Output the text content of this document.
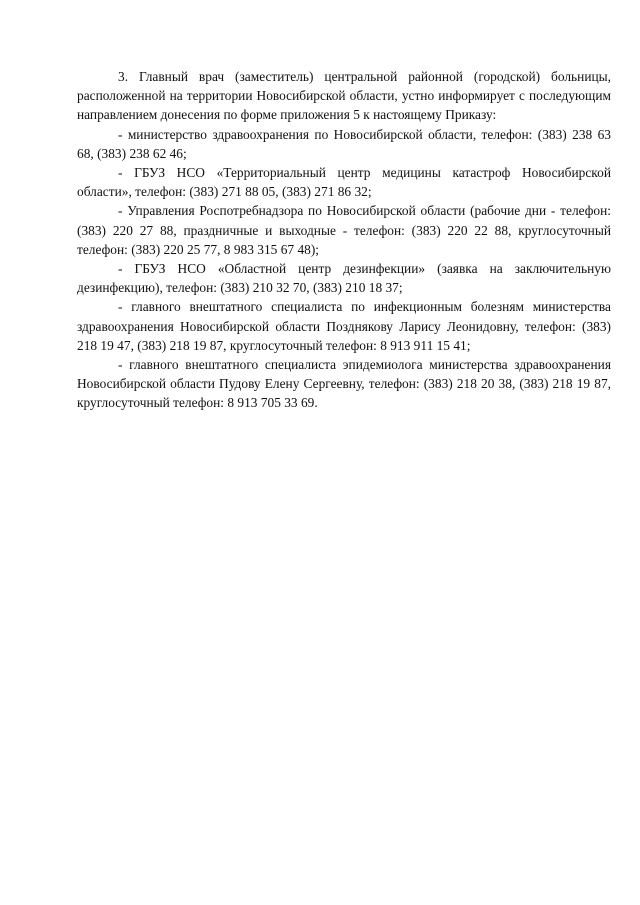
3. Главный врач (заместитель) центральной районной (городской) больницы, расположенной на территории Новосибирской области, устно информирует с последующим направлением донесения по форме приложения 5 к настоящему Приказу:

- министерство здравоохранения по Новосибирской области, телефон: (383) 238 63 68, (383) 238 62 46;

- ГБУЗ НСО «Территориальный центр медицины катастроф Новосибирской области», телефон: (383) 271 88 05, (383) 271 86 32;

- Управления Роспотребнадзора по Новосибирской области (рабочие дни - телефон: (383) 220 27 88, праздничные и выходные - телефон: (383) 220 22 88, круглосуточный телефон: (383) 220 25 77, 8 983 315 67 48);

- ГБУЗ НСО «Областной центр дезинфекции» (заявка на заключительную дезинфекцию), телефон: (383) 210 32 70, (383) 210 18 37;

- главного внештатного специалиста по инфекционным болезням министерства здравоохранения Новосибирской области Позднякову Ларису Леонидовну, телефон: (383) 218 19 47, (383) 218 19 87, круглосуточный телефон: 8 913 911 15 41;

- главного внештатного специалиста эпидемиолога министерства здравоохранения Новосибирской области Пудову Елену Сергеевну, телефон: (383) 218 20 38, (383) 218 19 87, круглосуточный телефон: 8 913 705 33 69.
